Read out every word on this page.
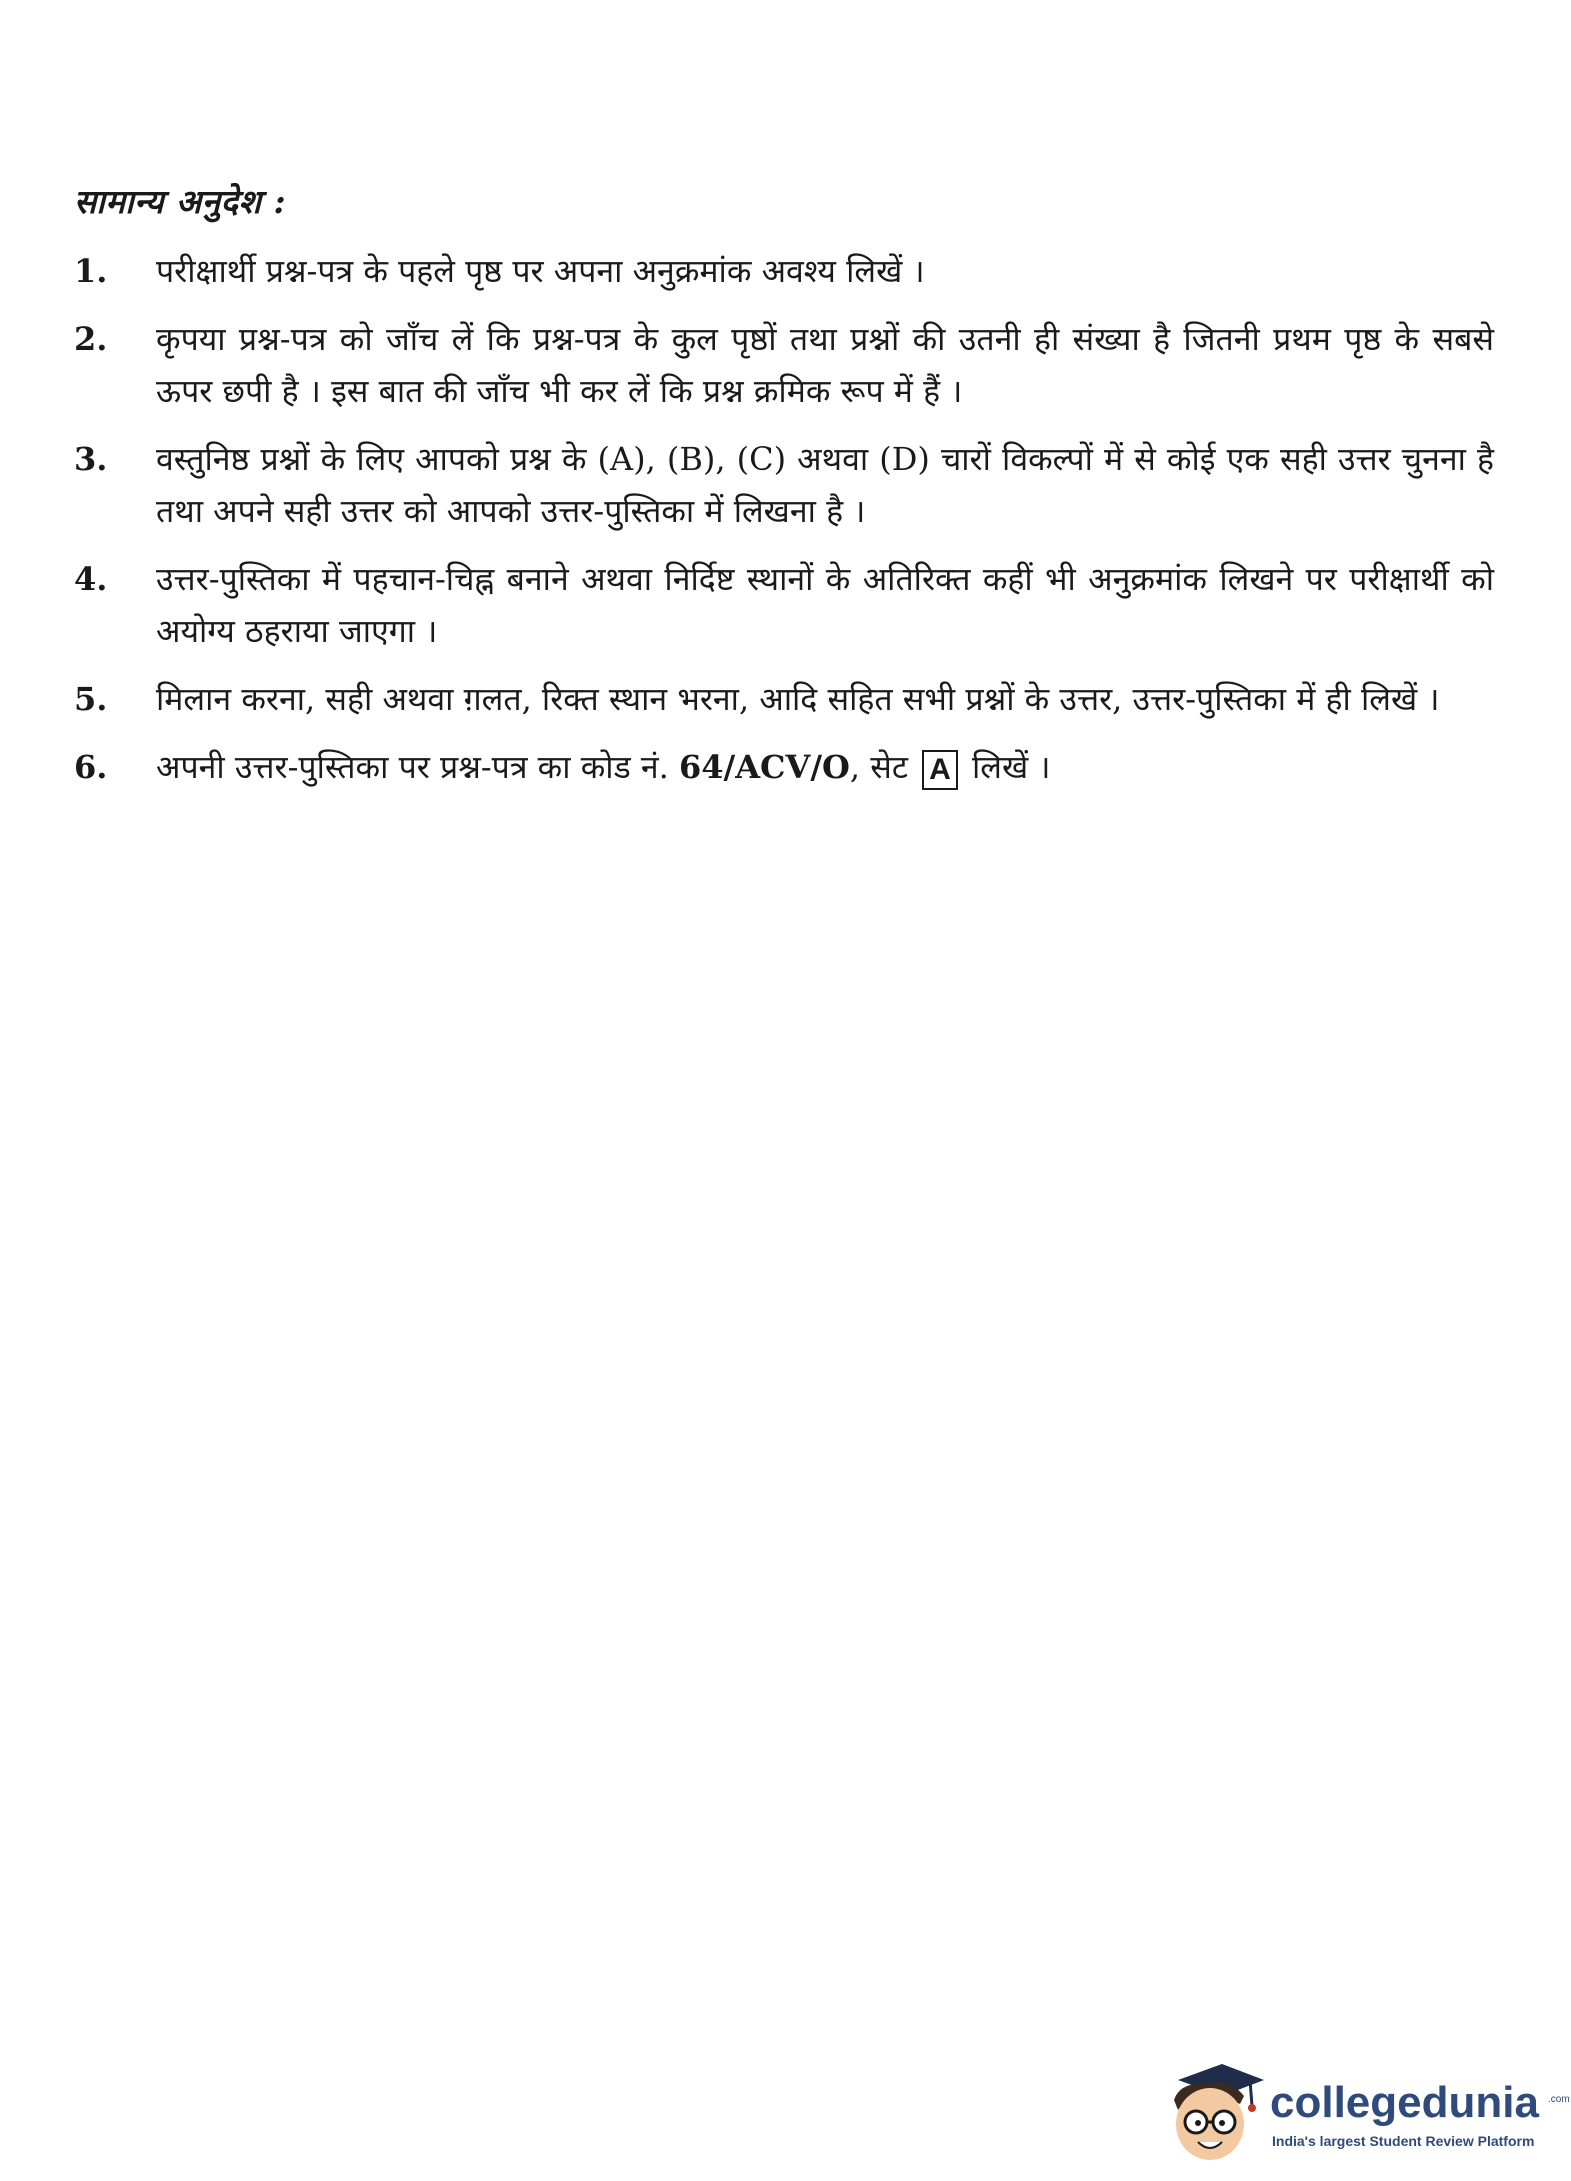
सामान्य अनुदेश :
1.	परीक्षार्थी प्रश्न-पत्र के पहले पृष्ठ पर अपना अनुक्रमांक अवश्य लिखें ।
2.	कृपया प्रश्न-पत्र को जाँच लें कि प्रश्न-पत्र के कुल पृष्ठों तथा प्रश्नों की उतनी ही संख्या है जितनी प्रथम पृष्ठ के सबसे ऊपर छपी है । इस बात की जाँच भी कर लें कि प्रश्न क्रमिक रूप में हैं ।
3.	वस्तुनिष्ठ प्रश्नों के लिए आपको प्रश्न के (A), (B), (C) अथवा (D) चारों विकल्पों में से कोई एक सही उत्तर चुनना है तथा अपने सही उत्तर को आपको उत्तर-पुस्तिका में लिखना है ।
4.	उत्तर-पुस्तिका में पहचान-चिह्न बनाने अथवा निर्दिष्ट स्थानों के अतिरिक्त कहीं भी अनुक्रमांक लिखने पर परीक्षार्थी को अयोग्य ठहराया जाएगा ।
5.	मिलान करना, सही अथवा ग़लत, रिक्त स्थान भरना, आदि सहित सभी प्रश्नों के उत्तर, उत्तर-पुस्तिका में ही लिखें ।
6.	अपनी उत्तर-पुस्तिका पर प्रश्न-पत्र का कोड नं. 64/ACV/O, सेट A लिखें ।
collegedunia .com
India's largest Student Review Platform
